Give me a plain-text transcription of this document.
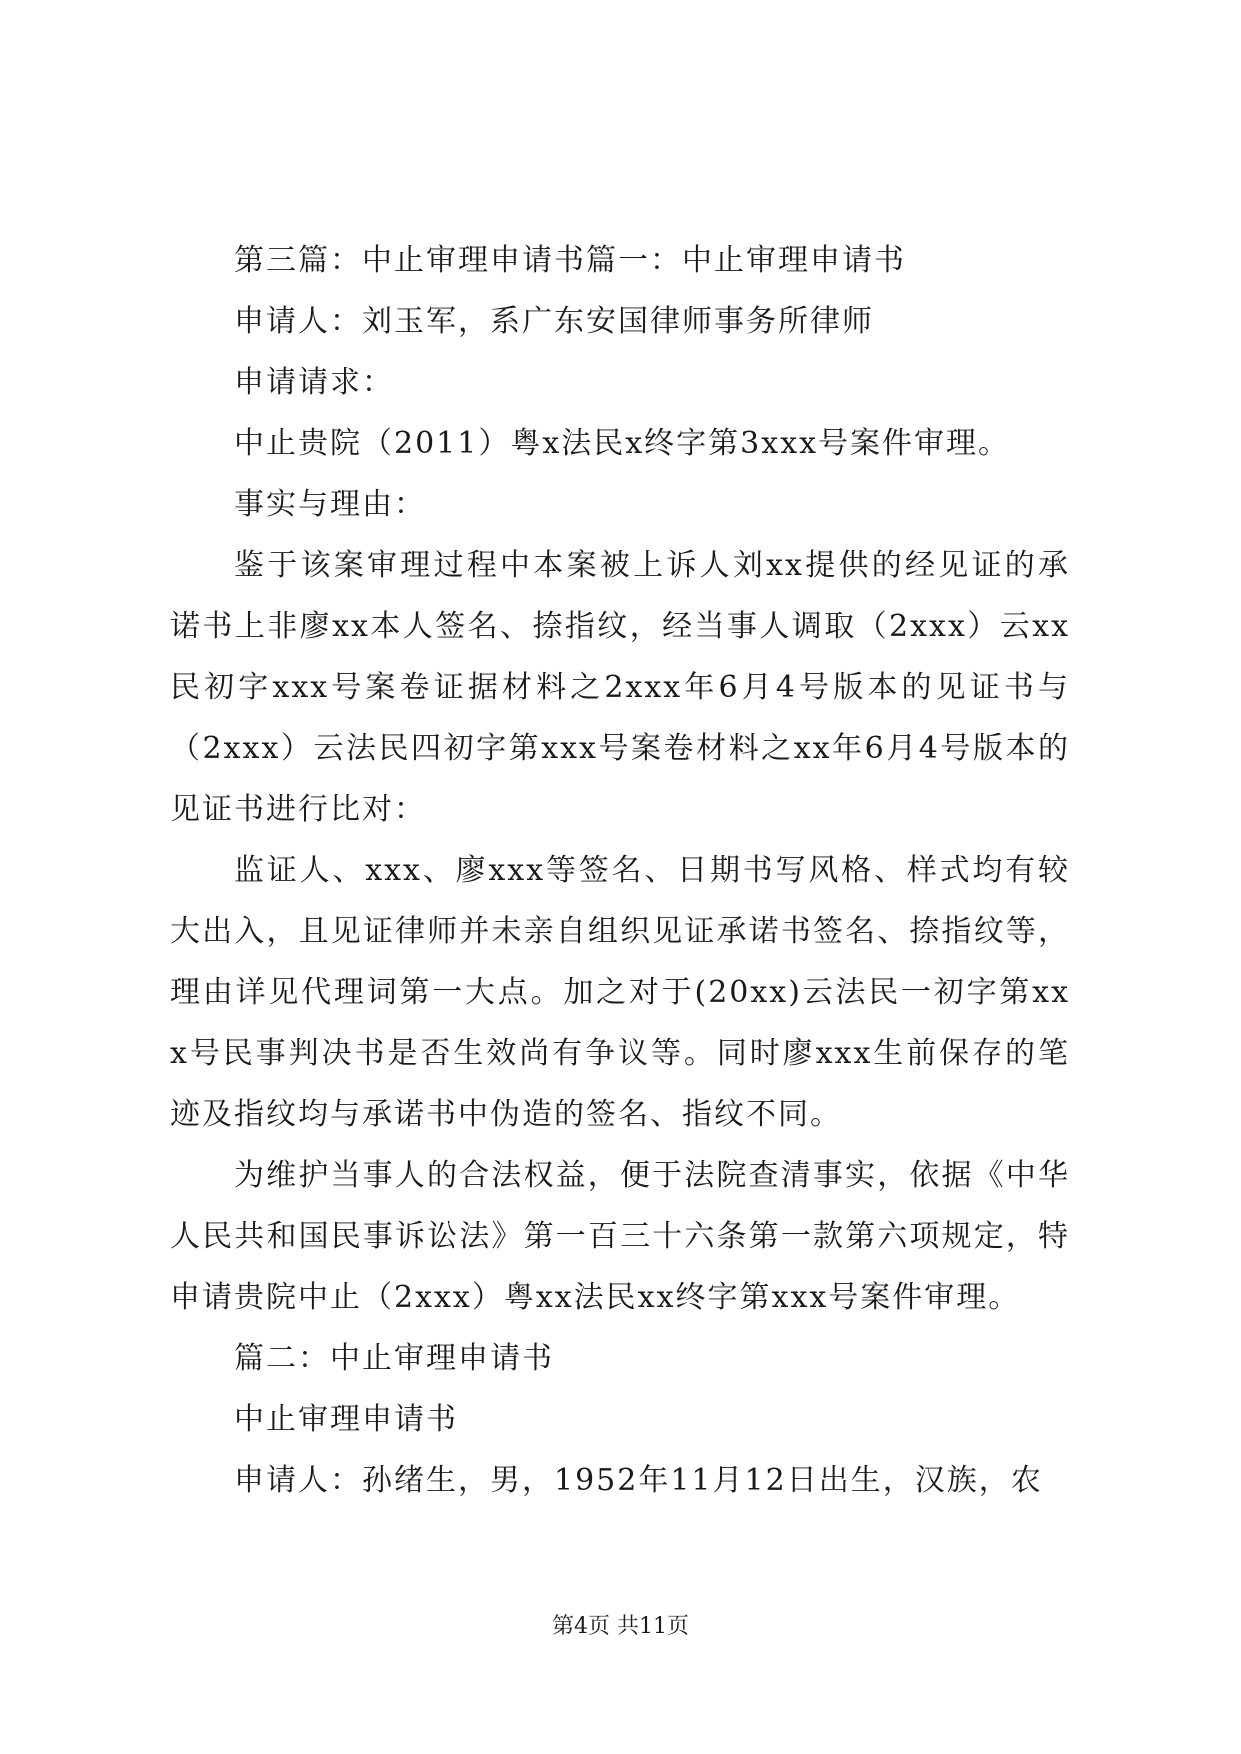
第三篇：中止审理申请书篇一：中止审理申请书

申请人：刘玉军，系广东安国律师事务所律师

申请请求：

中止贵院（2011）粤x法民x终字第3xxx号案件审理。

事实与理由：

鉴于该案审理过程中本案被上诉人刘xx提供的经见证的承诺书上非廖xx本人签名、捺指纹，经当事人调取（2xxx）云xx民初字xxx号案卷证据材料之2xxx年6月4号版本的见证书与（2xxx）云法民四初字第xxx号案卷材料之xx年6月4号版本的见证书进行比对：

监证人、xxx、廖xxx等签名、日期书写风格、样式均有较大出入，且见证律师并未亲自组织见证承诺书签名、捺指纹等，理由详见代理词第一大点。加之对于(20xx)云法民一初字第xxx号民事判决书是否生效尚有争议等。同时廖xxx生前保存的笔迹及指纹均与承诺书中伪造的签名、指纹不同。

为维护当事人的合法权益，便于法院查清事实，依据《中华人民共和国民事诉讼法》第一百三十六条第一款第六项规定，特申请贵院中止（2xxx）粤xx法民xx终字第xxx号案件审理。

篇二：中止审理申请书

中止审理申请书

申请人：孙绪生，男，1952年11月12日出生，汉族，农

第4页 共11页
